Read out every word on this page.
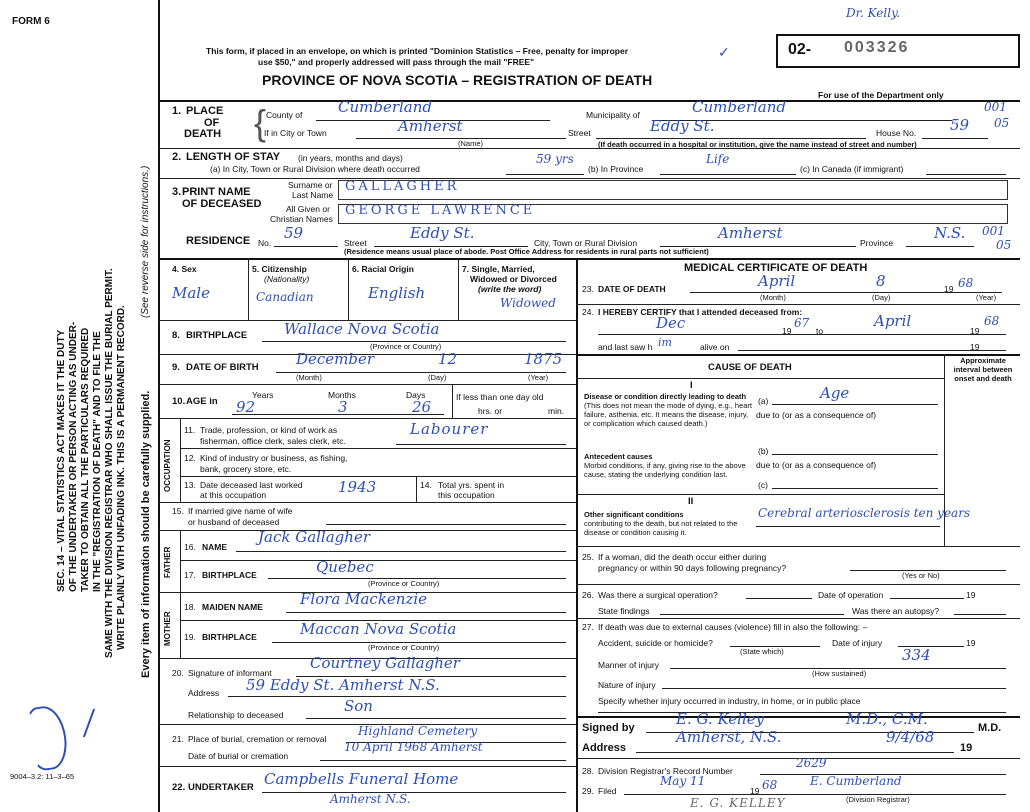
FORM 6
This form, if placed in an envelope, on which is printed "Dominion Statistics – Free, penalty for improper
use $50," and properly addressed will pass through the mail "FREE"
✓
PROVINCE OF NOVA SCOTIA – REGISTRATION OF DEATH
02- 003326
Dr. Kelly.
For use of the Department only
SEC. 14 – VITAL STATISTICS ACT MAKES IT THE DUTY OF THE UNDERTAKER OR PERSON ACTING AS UNDER- TAKER TO OBTAIN ALL THE PARTICULARS REQUIRED IN THE "REGISTRATION OF DEATH" AND TO FILE THE SAME WITH THE DIVISION REGISTRAR WHO SHALL ISSUE THE BURIAL PERMIT. WRITE PLAINLY WITH UNFADING INK. THIS IS A PERMANENT RECORD.
(See reverse side for instructions.)
Every item of information should be carefully supplied.
9004–3.2: 11–3–65
1. PLACE
OF
DEATH { County of Cumberland	Municipality of	Cumberland	001
If in City or Town	Amherst
(Name)
Street	Eddy St.	House No. 59 05
(If death occurred in a hospital or institution, give the name instead of street and number)
2. LENGTH OF STAY (in years, months and days)
(a) In City, Town or Rural Division where death occurred
59 yrs
(b) In Province
Life
(c) In Canada (if immigrant)
3. PRINT NAME
OF DECEASED
Surname or
Last Name
GALLAGHER
All Given or
Christian Names
GEORGE LAWRENCE
RESIDENCE No.
59
Street
Eddy St.
City, Town or Rural Division
Amherst
Province
N.S. 001
05
(Residence means usual place of abode. Post Office Address for residents in rural parts not sufficient)
4. Sex
Male
5. Citizenship
(Nationality)
Canadian
6. Racial Origin
English
7. Single, Married,
Widowed or Divorced
(write the word)
Widowed
8. BIRTHPLACE Wallace Nova Scotia
(Province or Country)
9. DATE OF BIRTH December	12	1875
(Month)	(Day)	(Year)
10. AGE in
Years	Months	Days
92	3	26
If less than one day old
hrs. or	min.
OCCUPATION
11. Trade, profession, or kind of work as
fisherman, office clerk, sales clerk, etc.
Labourer
12. Kind of industry or business, as fishing,
bank, grocery store, etc.
13. Date deceased last worked
at this occupation	1943	14. Total yrs. spent in
this occupation
15. If married give name of wife
or husband of deceased
FATHER 16. NAME
Jack Gallagher
17. BIRTHPLACE	Quebec
(Province or Country)
MOTHER
18. MAIDEN NAME Flora Mackenzie
19. BIRTHPLACE	Maccan Nova Scotia
(Province or Country)
20. Signature of informant
Courtney Gallagher
Address 59 Eddy St. Amherst N.S.
Relationship to deceased	Son
21. Place of burial, cremation or removal
Highland Cemetery
Date of burial or cremation
10 April 1968 Amherst
22. UNDERTAKER Campbells Funeral Home
Amherst N.S.
MEDICAL CERTIFICATE OF DEATH
23. DATE OF DEATH	April	8	19 68
(Month)	(Day)	(Year)
24. I HEREBY CERTIFY that I attended deceased from:
Dec	19
67
to
April
19
68
and last saw h im	alive on	19
CAUSE OF DEATH
Approximate interval between onset and death
I
Disease or condition directly leading to death (This does not mean the mode of dying, e.g., heart failure, asthenia, etc. It means the disease, injury, or complication which caused death.)
(a)	Age
due to (or as a consequence of)
Antecedent causes
Morbid conditions, if any, giving rise to the above cause, stating the underlying condition last.
(b)
due to (or as a consequence of)
(c)
II
Other significant conditions
contributing to the death, but not related to the disease or condition causing it.
Cerebral arteriosclerosis ten years
25. If a woman, did the death occur either during
pregnancy or within 90 days following pregnancy?
(Yes or No)
26. Was there a surgical operation?	Date of operation	19
State findings	Was there an autopsy?
27. If death was due to external causes (violence) fill in also the following: –
Accident, suicide or homicide?
(State which)
Date of injury	19
Manner of injury
334
(How sustained)
Nature of injury
Specify whether injury occurred in industry, in home, or in public place
Signed by	E. G. Kelley	M.D., C.M.	M.D.
Address
Amherst, N.S.	9/4/68
19
28. Division Registrar's Record Number
2629
29. Filed
May 11
19 68	E. Cumberland
(Division Registrar)
E. G. KELLEY
